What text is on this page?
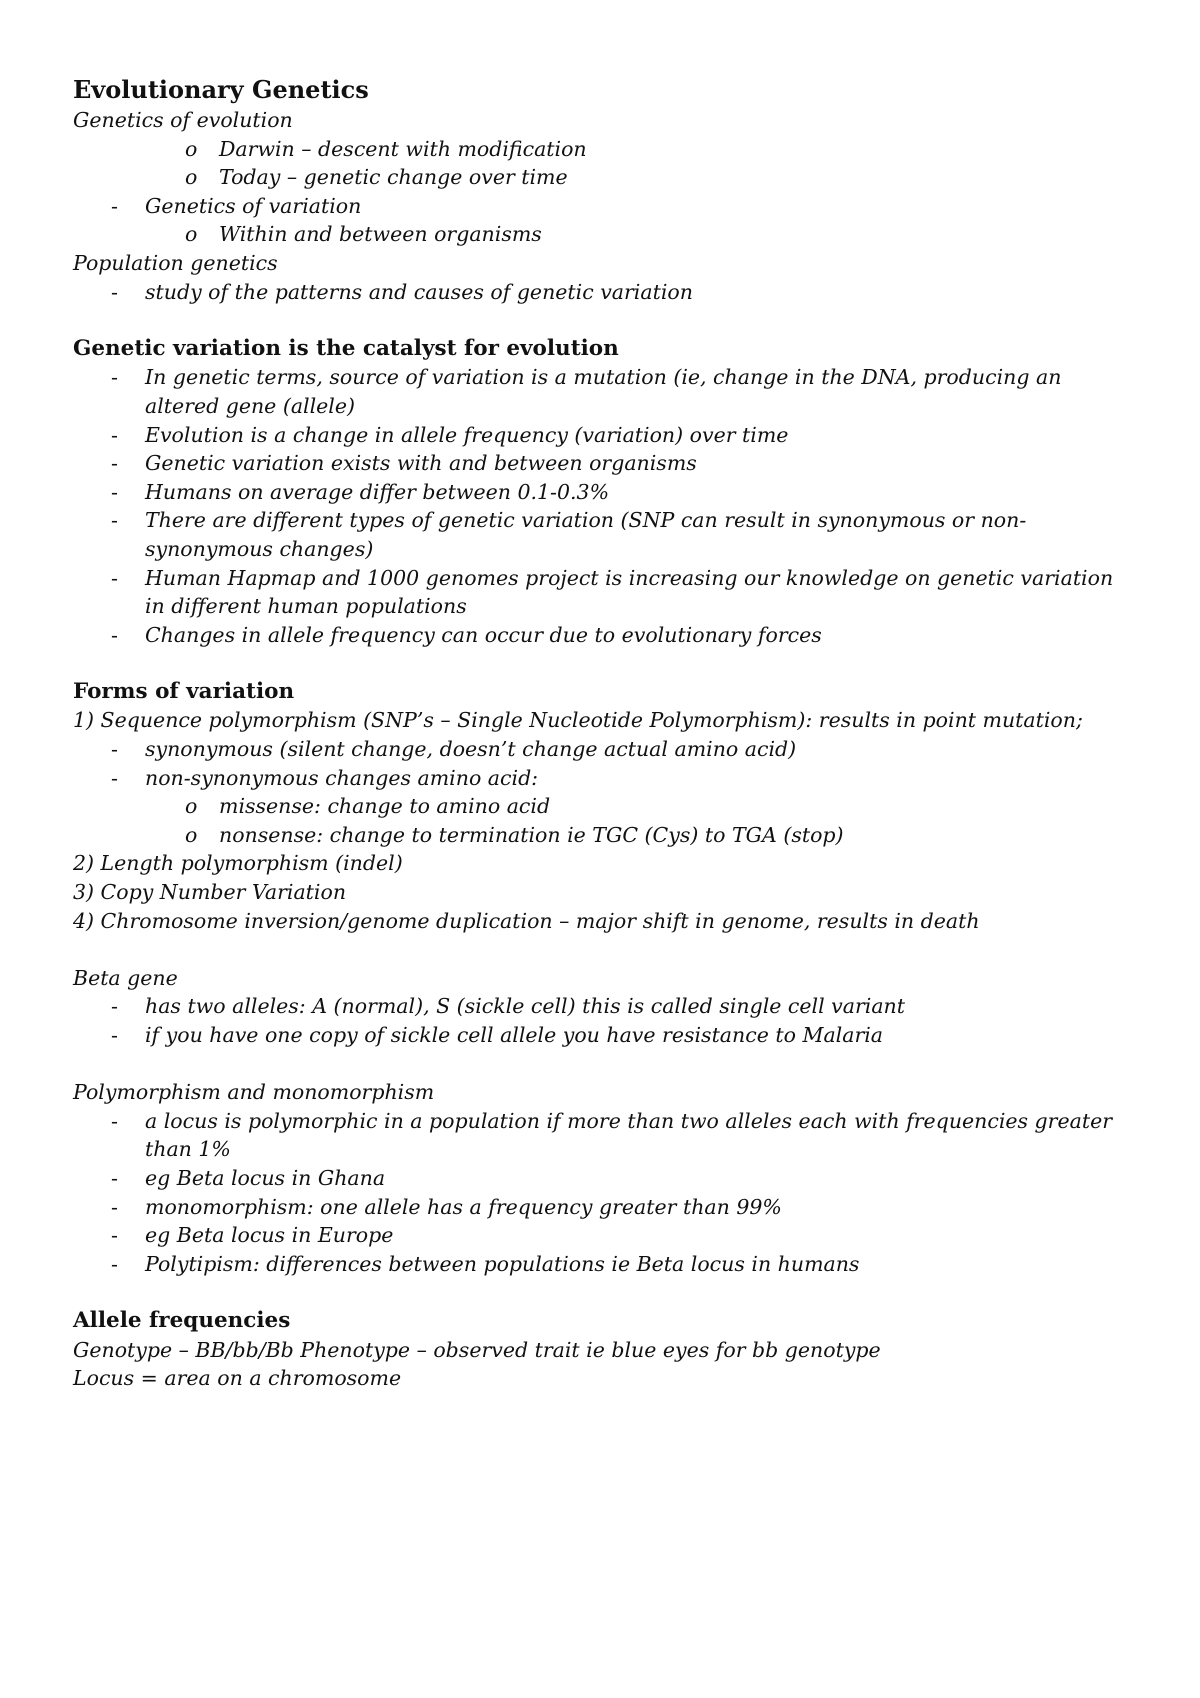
Evolutionary Genetics
Genetics of evolution
o Darwin – descent with modification
o Today – genetic change over time
- Genetics of variation
o Within and between organisms
Population genetics
- study of the patterns and causes of genetic variation
Genetic variation is the catalyst for evolution
- In genetic terms, source of variation is a mutation (ie, change in the DNA, producing an altered gene (allele)
- Evolution is a change in allele frequency (variation) over time
- Genetic variation exists with and between organisms
- Humans on average differ between 0.1-0.3%
- There are different types of genetic variation (SNP can result in synonymous or non-synonymous changes)
- Human Hapmap and 1000 genomes project is increasing our knowledge on genetic variation in different human populations
- Changes in allele frequency can occur due to evolutionary forces
Forms of variation
1) Sequence polymorphism (SNP’s – Single Nucleotide Polymorphism): results in point mutation;
- synonymous (silent change, doesn’t change actual amino acid)
- non-synonymous changes amino acid:
o missense: change to amino acid
o nonsense: change to termination ie TGC (Cys) to TGA (stop)
2) Length polymorphism (indel)
3) Copy Number Variation
4) Chromosome inversion/genome duplication – major shift in genome, results in death
Beta gene
- has two alleles: A (normal), S (sickle cell) this is called single cell variant
- if you have one copy of sickle cell allele you have resistance to Malaria
Polymorphism and monomorphism
- a locus is polymorphic in a population if more than two alleles each with frequencies greater than 1%
- eg Beta locus in Ghana
- monomorphism: one allele has a frequency greater than 99%
- eg Beta locus in Europe
- Polytipism: differences between populations ie Beta locus in humans
Allele frequencies
Genotype – BB/bb/Bb Phenotype – observed trait ie blue eyes for bb genotype
Locus = area on a chromosome
